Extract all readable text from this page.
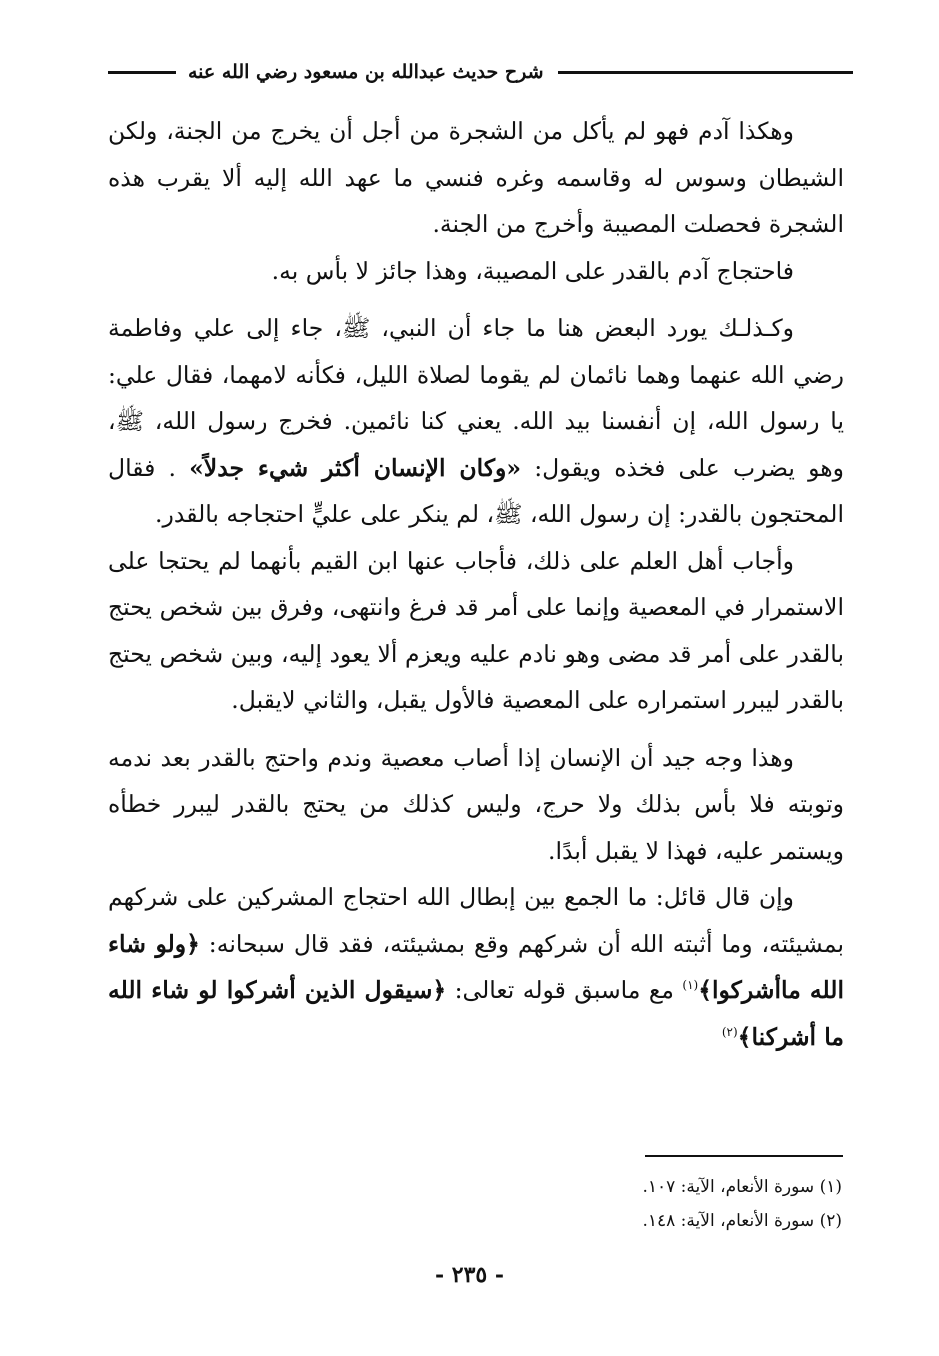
شرح حديث عبدالله بن مسعود رضي الله عنه

وهكذا آدم فهو لم يأكل من الشجرة من أجل أن يخرج من الجنة، ولكن الشيطان وسوس له وقاسمه وغره فنسي ما عهد الله إليه ألا يقرب هذه الشجرة فحصلت المصيبة وأخرج من الجنة.

فاحتجاج آدم بالقدر على المصيبة، وهذا جائز لا بأس به.

وكـذلـك يورد البعض هنا ما جاء أن النبي، ﷺ، جاء إلى علي وفاطمة رضي الله عنهما وهما نائمان لم يقوما لصلاة الليل، فكأنه لامهما، فقال علي: يا رسول الله، إن أنفسنا بيد الله. يعني كنا نائمين. فخرج رسول الله، ﷺ، وهو يضرب على فخذه ويقول: «وكان الإنسان أكثر شيء جدلاً» . فقال المحتجون بالقدر: إن رسول الله، ﷺ، لم ينكر على عليٍّ احتجاجه بالقدر.

وأجاب أهل العلم على ذلك، فأجاب عنها ابن القيم بأنهما لم يحتجا على الاستمرار في المعصية وإنما على أمر قد فرغ وانتهى، وفرق بين شخص يحتج بالقدر على أمر قد مضى وهو نادم عليه ويعزم ألا يعود إليه، وبين شخص يحتج بالقدر ليبرر استمراره على المعصية فالأول يقبل، والثاني لايقبل.

وهذا وجه جيد أن الإنسان إذا أصاب معصية وندم واحتج بالقدر بعد ندمه وتوبته فلا بأس بذلك ولا حرج، وليس كذلك من يحتج بالقدر ليبرر خطأه ويستمر عليه، فهذا لا يقبل أبدًا.

وإن قال قائل: ما الجمع بين إبطال الله احتجاج المشركين على شركهم بمشيئته، وما أثبته الله أن شركهم وقع بمشيئته، فقد قال سبحانه: ﴿ولو شاء الله ماأشركوا﴾$^{(١)}$ مع ماسبق قوله تعالى: ﴿سيقول الذين أشركوا لو شاء الله ما أشركنا﴾$^{(٢)}$

(١) سورة الأنعام، الآية: ١٠٧.
(٢) سورة الأنعام، الآية: ١٤٨.
- ٢٣٥ -
